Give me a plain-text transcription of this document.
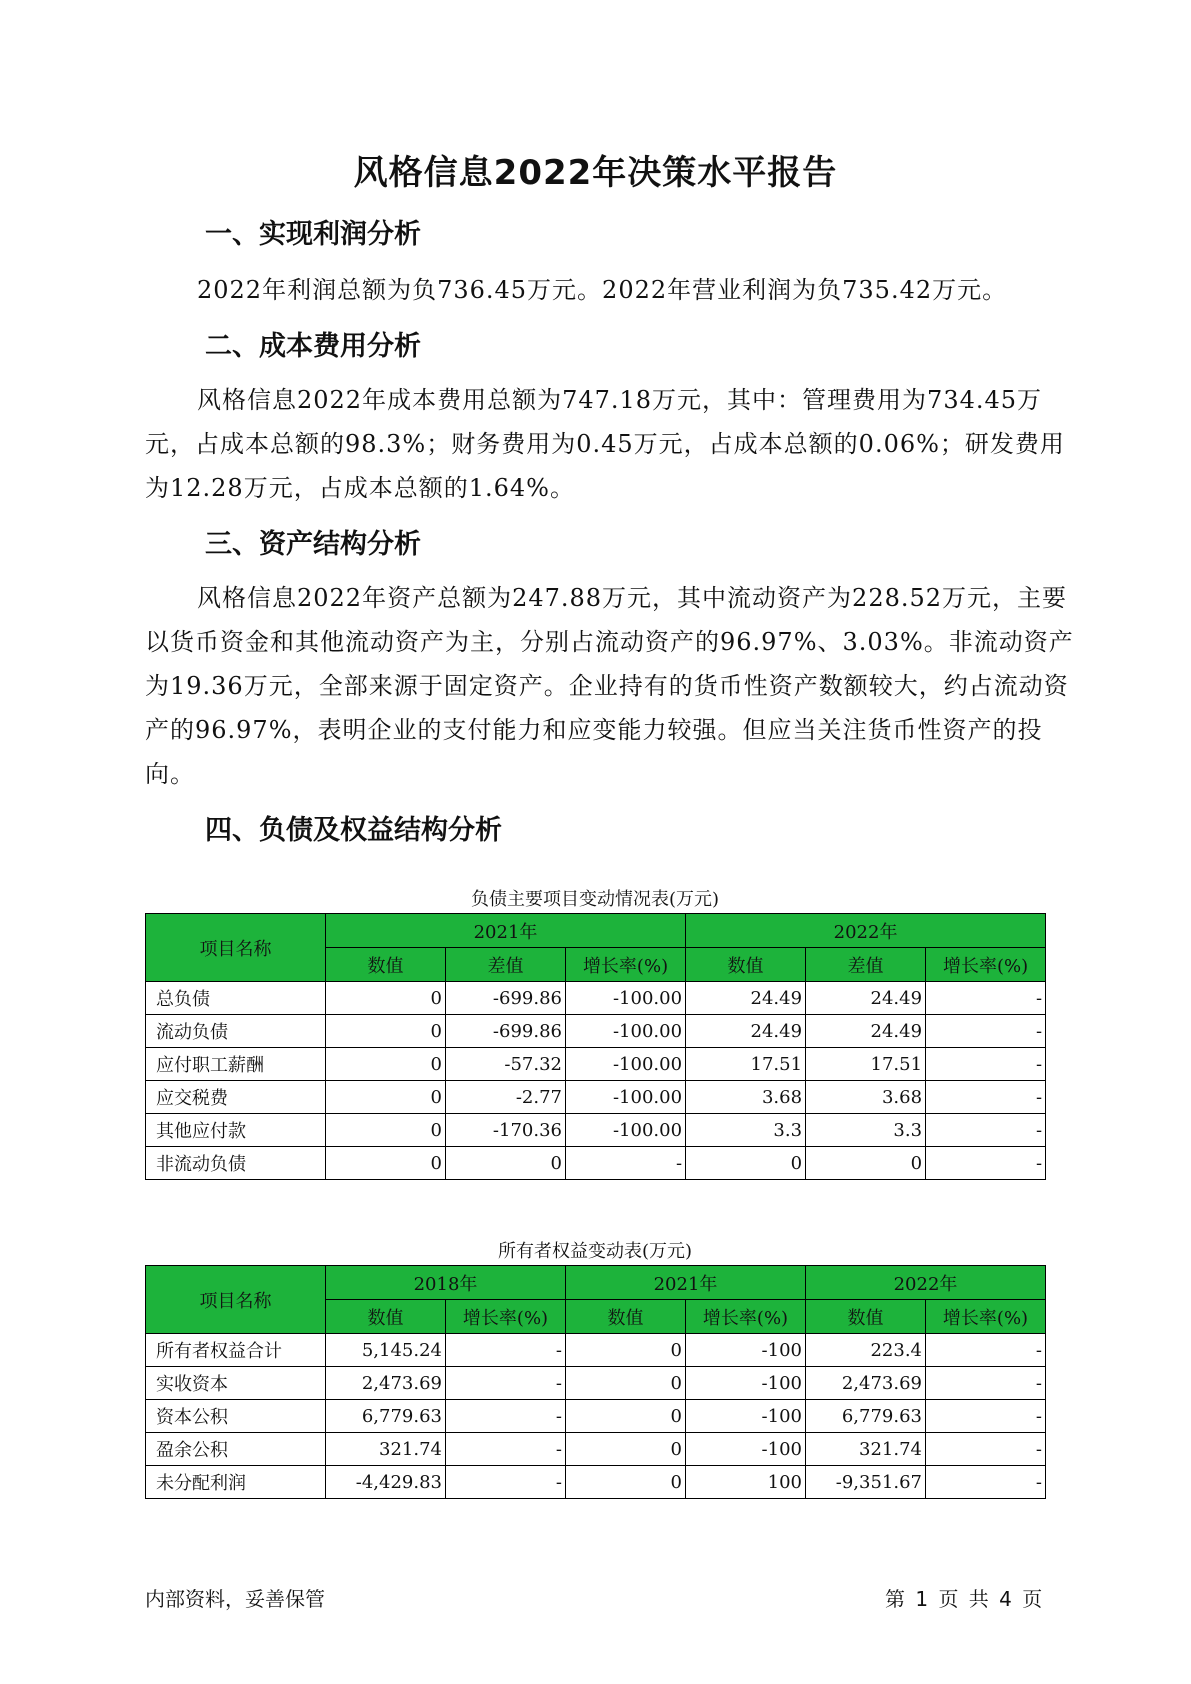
风格信息2022年决策水平报告
一、实现利润分析

2022年利润总额为负736.45万元。2022年营业利润为负735.42万元。

二、成本费用分析

风格信息2022年成本费用总额为747.18万元，其中：管理费用为734.45万元，占成本总额的98.3%；财务费用为0.45万元，占成本总额的0.06%；研发费用为12.28万元，占成本总额的1.64%。

三、资产结构分析

风格信息2022年资产总额为247.88万元，其中流动资产为228.52万元，主要以货币资金和其他流动资产为主，分别占流动资产的96.97%、3.03%。非流动资产为19.36万元，全部来源于固定资产。企业持有的货币性资产数额较大，约占流动资产的96.97%，表明企业的支付能力和应变能力较强。但应当关注货币性资产的投向。

四、负债及权益结构分析
负债主要项目变动情况表(万元)
项目名称	2021年			2022年		
	数值	差值	增长率(%)	数值	差值	增长率(%)
总负债	0	-699.86	-100.00	24.49	24.49	-
流动负债	0	-699.86	-100.00	24.49	24.49	-
应付职工薪酬	0	-57.32	-100.00	17.51	17.51	-
应交税费	0	-2.77	-100.00	3.68	3.68	-
其他应付款	0	-170.36	-100.00	3.3	3.3	-
非流动负债	0	0	-	0	0	-
所有者权益变动表(万元)
项目名称	2018年		2021年		2022年	
	数值	增长率(%)	数值	增长率(%)	数值	增长率(%)
所有者权益合计	5,145.24	-	0	-100	223.4	-
实收资本	2,473.69	-	0	-100	2,473.69	-
资本公积	6,779.63	-	0	-100	6,779.63	-
盈余公积	321.74	-	0	-100	321.74	-
未分配利润	-4,429.83	-	0	100	-9,351.67	-
内部资料，妥善保管	第 1 页 共 4 页
